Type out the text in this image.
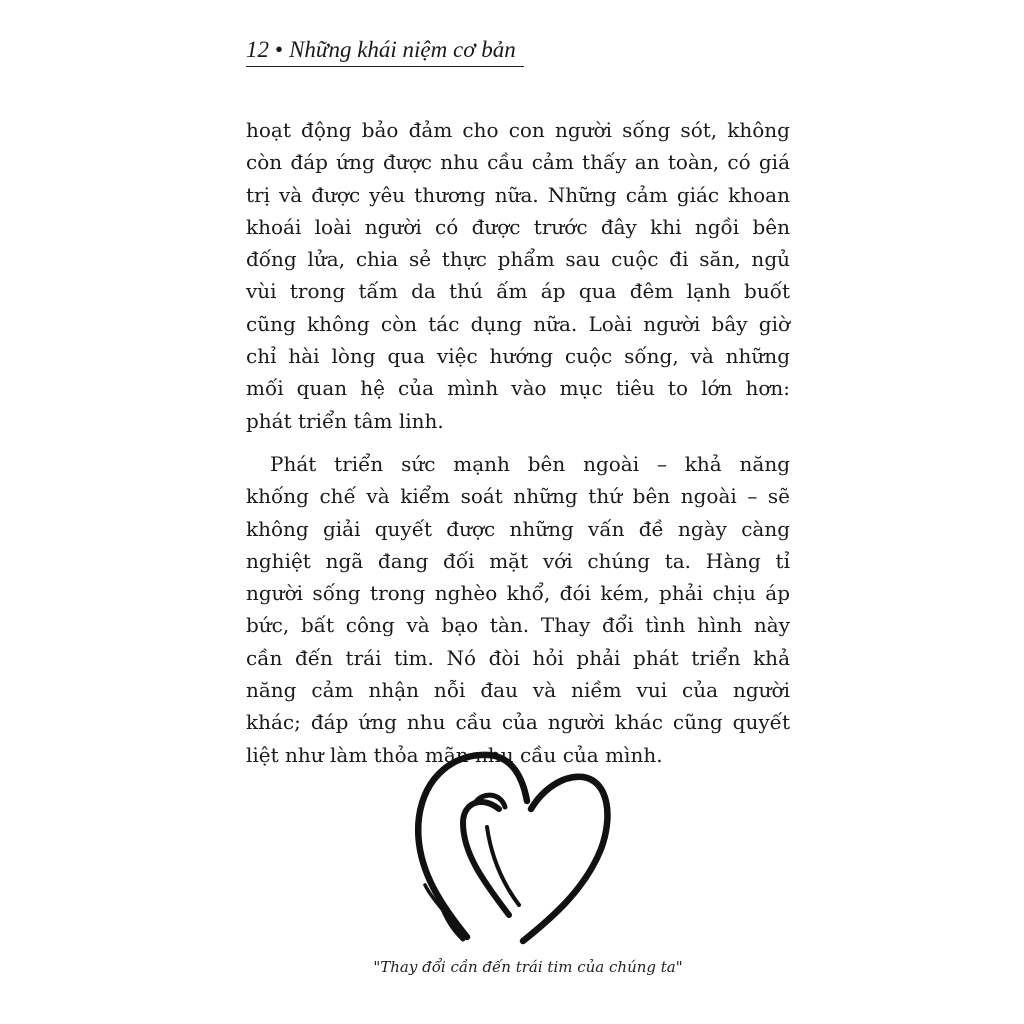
12 • Những khái niệm cơ bản

hoạt động bảo đảm cho con người sống sót, không
còn đáp ứng được nhu cầu cảm thấy an toàn, có giá
trị và được yêu thương nữa. Những cảm giác khoan
khoái loài người có được trước đây khi ngồi bên
đống lửa, chia sẻ thực phẩm sau cuộc đi săn, ngủ
vùi trong tấm da thú ấm áp qua đêm lạnh buốt
cũng không còn tác dụng nữa. Loài người bây giờ
chỉ hài lòng qua việc hướng cuộc sống, và những
mối quan hệ của mình vào mục tiêu to lớn hơn:
phát triển tâm linh.

Phát triển sức mạnh bên ngoài – khả năng
khống chế và kiểm soát những thứ bên ngoài – sẽ
không giải quyết được những vấn đề ngày càng
nghiệt ngã đang đối mặt với chúng ta. Hàng tỉ
người sống trong nghèo khổ, đói kém, phải chịu áp
bức, bất công và bạo tàn. Thay đổi tình hình này
cần đến trái tim. Nó đòi hỏi phải phát triển khả
năng cảm nhận nỗi đau và niềm vui của người
khác; đáp ứng nhu cầu của người khác cũng quyết
liệt như làm thỏa mãn nhu cầu của mình.

"Thay đổi cần đến trái tim của chúng ta"
